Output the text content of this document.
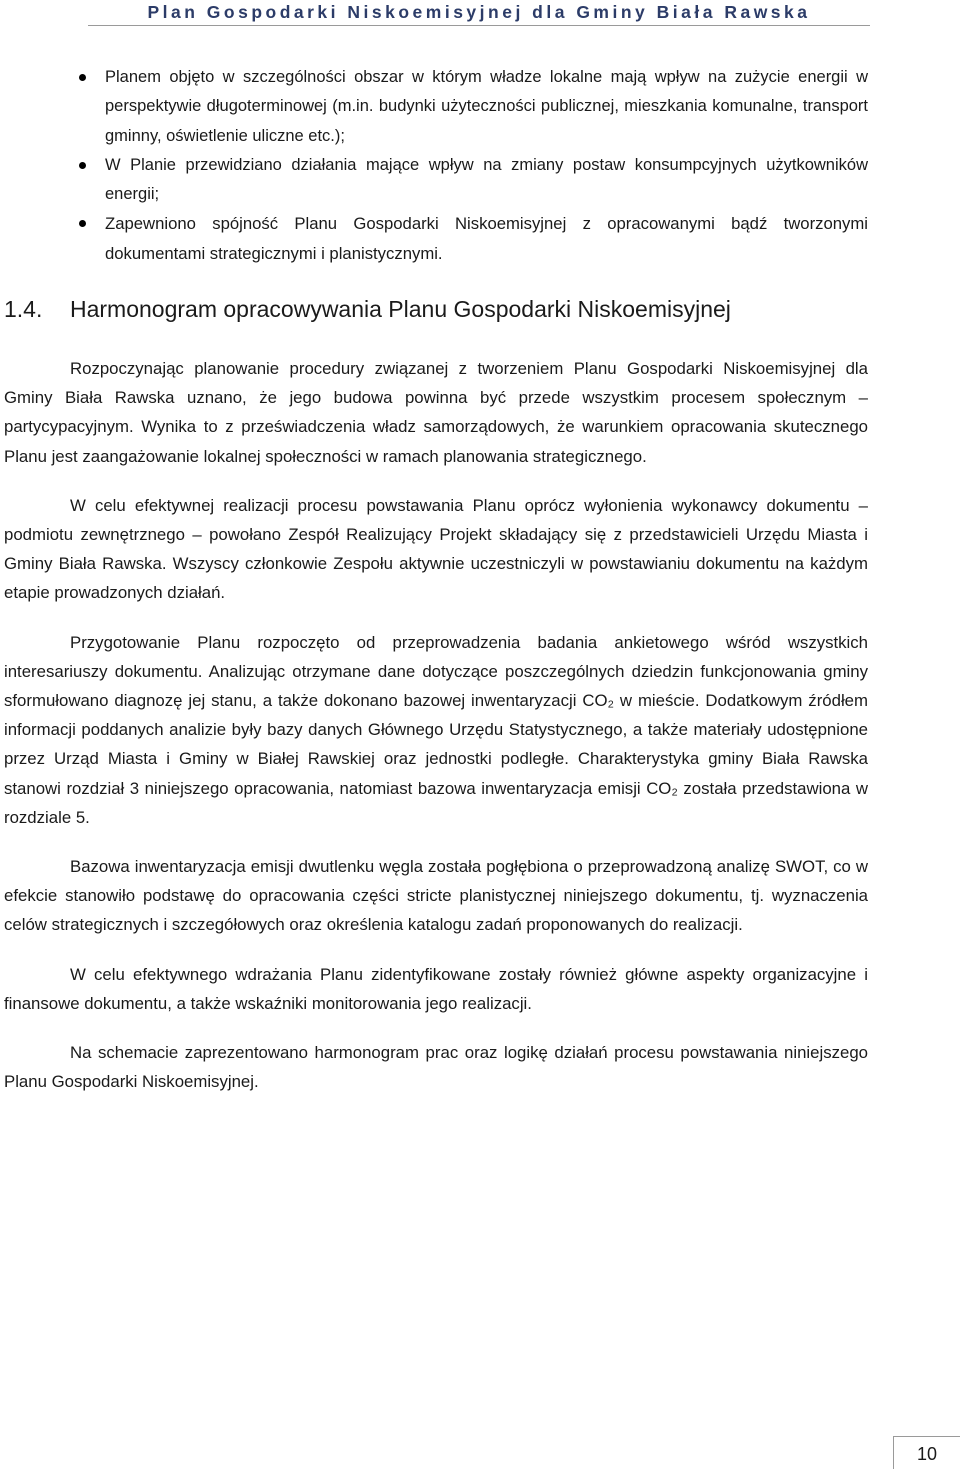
Plan Gospodarki Niskoemisyjnej dla Gminy Biała Rawska
Planem objęto w szczególności obszar w którym władze lokalne mają wpływ na zużycie energii w perspektywie długoterminowej (m.in. budynki użyteczności publicznej, mieszkania komunalne, transport gminny, oświetlenie uliczne etc.);
W Planie przewidziano działania mające wpływ na zmiany postaw konsumpcyjnych użytkowników energii;
Zapewniono spójność Planu Gospodarki Niskoemisyjnej z opracowanymi bądź tworzonymi dokumentami strategicznymi i planistycznymi.
1.4. Harmonogram opracowywania Planu Gospodarki Niskoemisyjnej

Rozpoczynając planowanie procedury związanej z tworzeniem Planu Gospodarki Niskoemisyjnej dla Gminy Biała Rawska uznano, że jego budowa powinna być przede wszystkim procesem społecznym – partycypacyjnym. Wynika to z przeświadczenia władz samorządowych, że warunkiem opracowania skutecznego Planu jest zaangażowanie lokalnej społeczności w ramach planowania strategicznego.

W celu efektywnej realizacji procesu powstawania Planu oprócz wyłonienia wykonawcy dokumentu – podmiotu zewnętrznego – powołano Zespół Realizujący Projekt składający się z przedstawicieli Urzędu Miasta i Gminy Biała Rawska. Wszyscy członkowie Zespołu aktywnie uczestniczyli w powstawianiu dokumentu na każdym etapie prowadzonych działań.

Przygotowanie Planu rozpoczęto od przeprowadzenia badania ankietowego wśród wszystkich interesariuszy dokumentu. Analizując otrzymane dane dotyczące poszczególnych dziedzin funkcjonowania gminy sformułowano diagnozę jej stanu, a także dokonano bazowej inwentaryzacji CO₂ w mieście. Dodatkowym źródłem informacji poddanych analizie były bazy danych Głównego Urzędu Statystycznego, a także materiały udostępnione przez Urząd Miasta i Gminy w Białej Rawskiej oraz jednostki podległe. Charakterystyka gminy Biała Rawska stanowi rozdział 3 niniejszego opracowania, natomiast bazowa inwentaryzacja emisji CO₂ została przedstawiona w rozdziale 5.

Bazowa inwentaryzacja emisji dwutlenku węgla została pogłębiona o przeprowadzoną analizę SWOT, co w efekcie stanowiło podstawę do opracowania części stricte planistycznej niniejszego dokumentu, tj. wyznaczenia celów strategicznych i szczegółowych oraz określenia katalogu zadań proponowanych do realizacji.

W celu efektywnego wdrażania Planu zidentyfikowane zostały również główne aspekty organizacyjne i finansowe dokumentu, a także wskaźniki monitorowania jego realizacji.

Na schemacie zaprezentowano harmonogram prac oraz logikę działań procesu powstawania niniejszego Planu Gospodarki Niskoemisyjnej.

10
